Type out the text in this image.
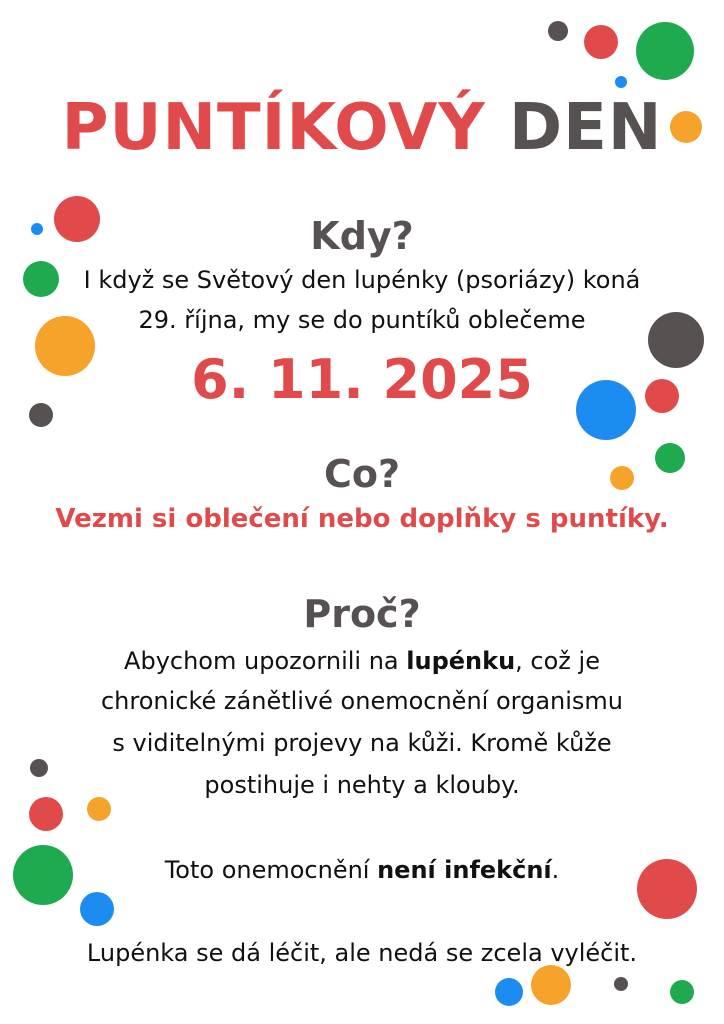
PUNTÍKOVÝ DEN
Kdy?
I když se Světový den lupénky (psoriázy) koná
29. října, my se do puntíků oblečeme
6. 11. 2025
Co?
Vezmi si oblečení nebo doplňky s puntíky.
Proč?
Abychom upozornili na lupénku, což je
chronické zánětlivé onemocnění organismu
s viditelnými projevy na kůži. Kromě kůže
postihuje i nehty a klouby.
Toto onemocnění není infekční.
Lupénka se dá léčit, ale nedá se zcela vyléčit.
